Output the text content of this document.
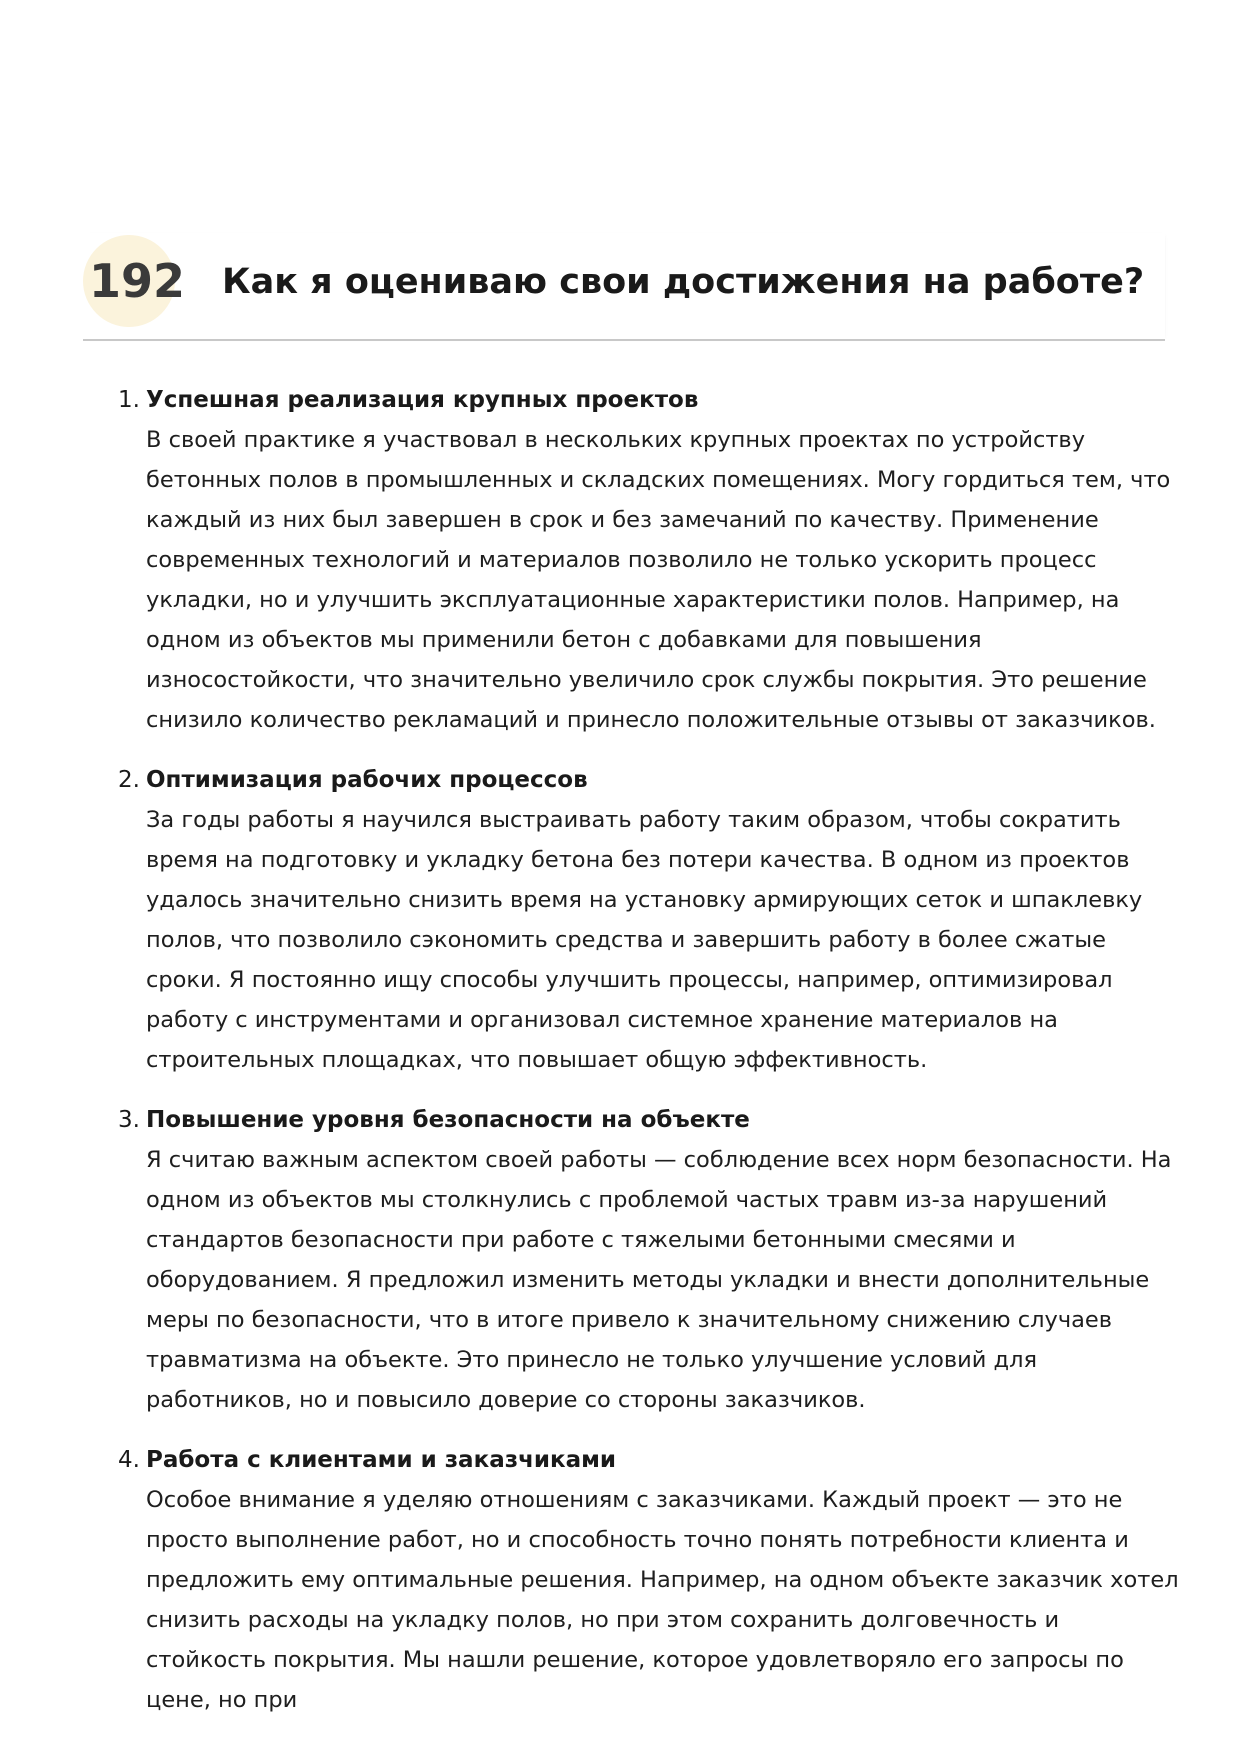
192 Как я оцениваю свои достижения на работе?
1. Успешная реализация крупных проектов

В своей практике я участвовал в нескольких крупных проектах по устройству бетонных полов в промышленных и складских помещениях. Могу гордиться тем, что каждый из них был завершен в срок и без замечаний по качеству. Применение современных технологий и материалов позволило не только ускорить процесс укладки, но и улучшить эксплуатационные характеристики полов. Например, на одном из объектов мы применили бетон с добавками для повышения износостойкости, что значительно увеличило срок службы покрытия. Это решение снизило количество рекламаций и принесло положительные отзывы от заказчиков.

2. Оптимизация рабочих процессов

За годы работы я научился выстраивать работу таким образом, чтобы сократить время на подготовку и укладку бетона без потери качества. В одном из проектов удалось значительно снизить время на установку армирующих сеток и шпаклевку полов, что позволило сэкономить средства и завершить работу в более сжатые сроки. Я постоянно ищу способы улучшить процессы, например, оптимизировал работу с инструментами и организовал системное хранение материалов на строительных площадках, что повышает общую эффективность.

3. Повышение уровня безопасности на объекте

Я считаю важным аспектом своей работы — соблюдение всех норм безопасности. На одном из объектов мы столкнулись с проблемой частых травм из-за нарушений стандартов безопасности при работе с тяжелыми бетонными смесями и оборудованием. Я предложил изменить методы укладки и внести дополнительные меры по безопасности, что в итоге привело к значительному снижению случаев травматизма на объекте. Это принесло не только улучшение условий для работников, но и повысило доверие со стороны заказчиков.

4. Работа с клиентами и заказчиками

Особое внимание я уделяю отношениям с заказчиками. Каждый проект — это не просто выполнение работ, но и способность точно понять потребности клиента и предложить ему оптимальные решения. Например, на одном объекте заказчик хотел снизить расходы на укладку полов, но при этом сохранить долговечность и стойкость покрытия. Мы нашли решение, которое удовлетворяло его запросы по цене, но при
